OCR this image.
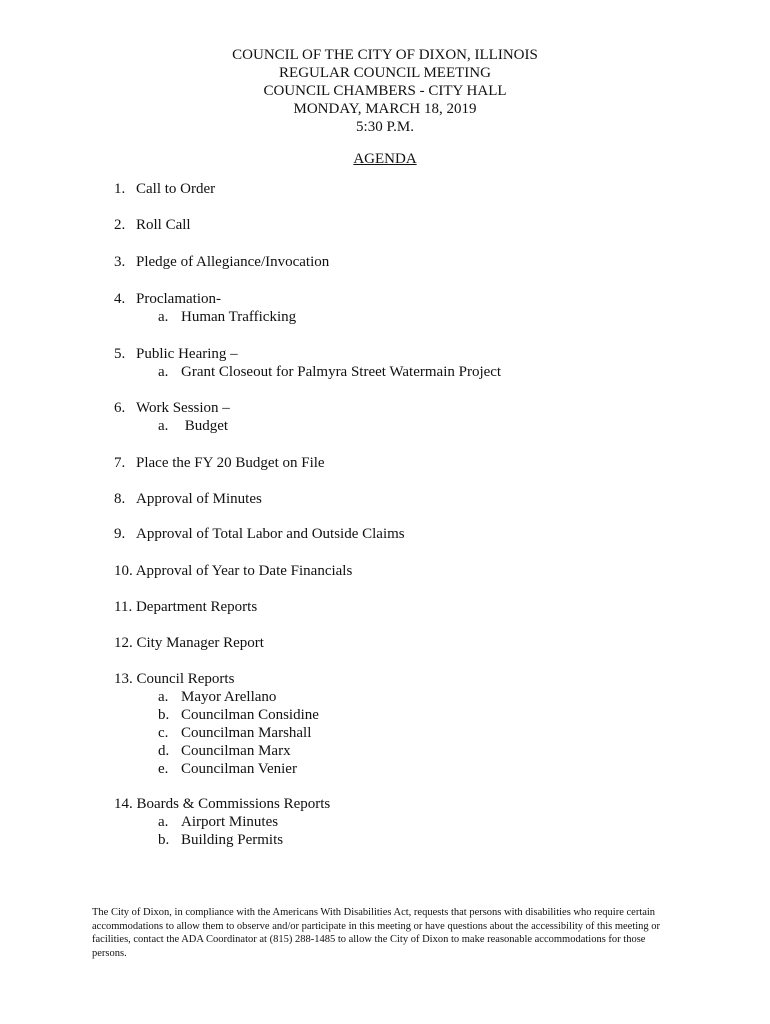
COUNCIL OF THE CITY OF DIXON, ILLINOIS
REGULAR COUNCIL MEETING
COUNCIL CHAMBERS - CITY HALL
MONDAY, MARCH 18, 2019
5:30 P.M.
AGENDA
1. Call to Order
2. Roll Call
3. Pledge of Allegiance/Invocation
4. Proclamation-
a. Human Trafficking
5. Public Hearing –
a. Grant Closeout for Palmyra Street Watermain Project
6. Work Session –
a. Budget
7. Place the FY 20 Budget on File
8. Approval of Minutes
9. Approval of Total Labor and Outside Claims
10. Approval of Year to Date Financials
11. Department Reports
12. City Manager Report
13. Council Reports
a. Mayor Arellano
b. Councilman Considine
c. Councilman Marshall
d. Councilman Marx
e. Councilman Venier
14. Boards & Commissions Reports
a. Airport Minutes
b. Building Permits
The City of Dixon, in compliance with the Americans With Disabilities Act, requests that persons with disabilities who require certain accommodations to allow them to observe and/or participate in this meeting or have questions about the accessibility of this meeting or facilities, contact the ADA Coordinator at (815) 288-1485 to allow the City of Dixon to make reasonable accommodations for those persons.
